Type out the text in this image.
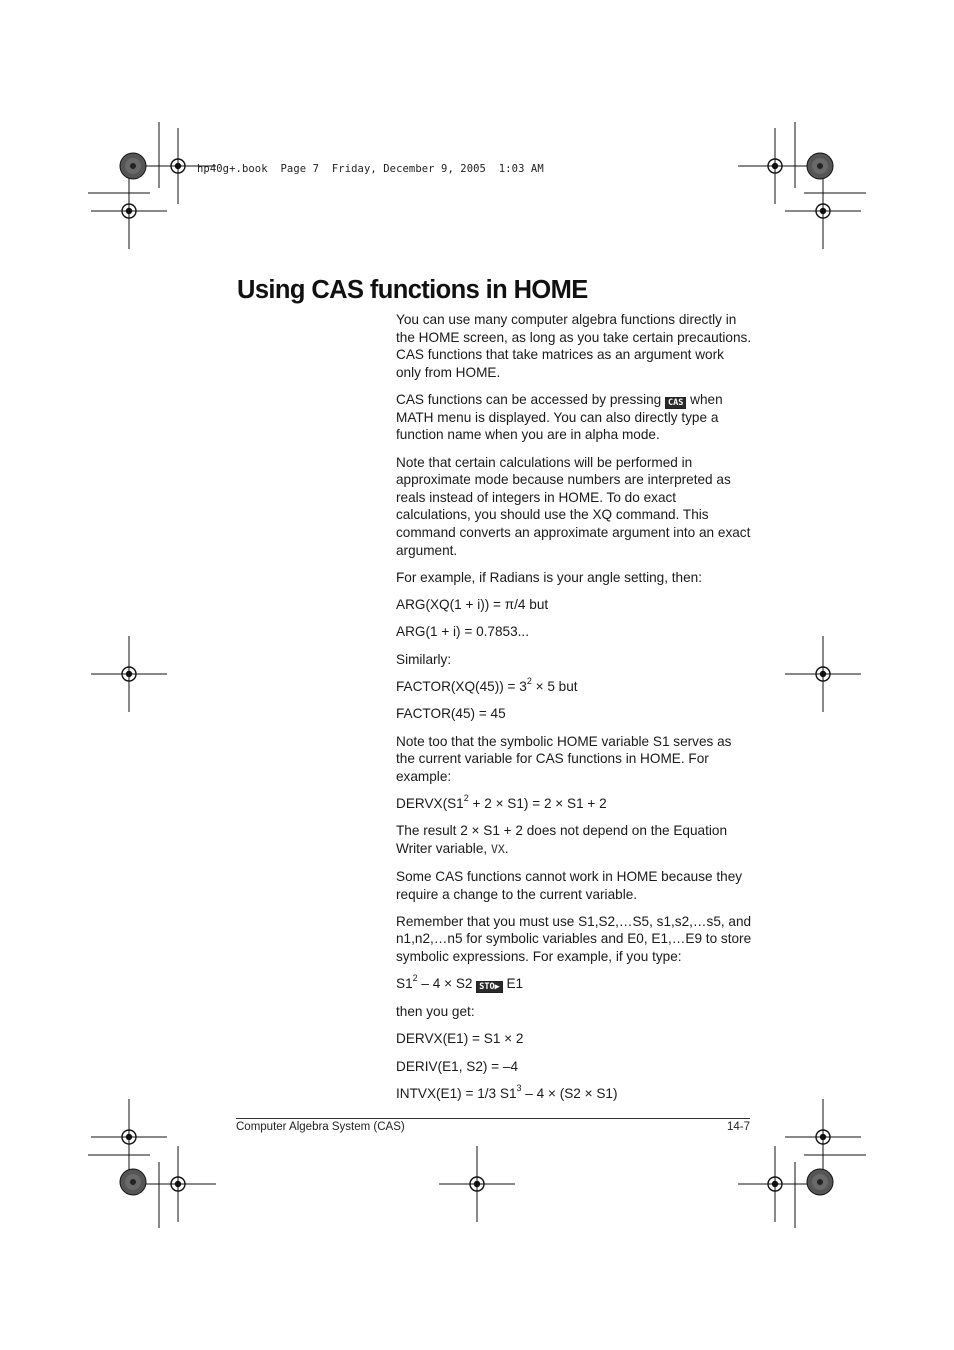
hp40g+.book  Page 7  Friday, December 9, 2005  1:03 AM
Using CAS functions in HOME

You can use many computer algebra functions directly in the HOME screen, as long as you take certain precautions. CAS functions that take matrices as an argument work only from HOME.

CAS functions can be accessed by pressing CAS when MATH menu is displayed. You can also directly type a function name when you are in alpha mode.

Note that certain calculations will be performed in approximate mode because numbers are interpreted as reals instead of integers in HOME. To do exact calculations, you should use the XQ command. This command converts an approximate argument into an exact argument.

For example, if Radians is your angle setting, then:

ARG(XQ(1 + i)) = π/4 but
ARG(1 + i) = 0.7853...
Similarly:
FACTOR(XQ(45)) = $3^2 \times 5$ but
FACTOR(45) = 45

Note too that the symbolic HOME variable S1 serves as the current variable for CAS functions in HOME. For example:

$DERVX(S1^2 + 2 \times S1) = 2 \times S1 + 2$

The result 2 × S1 + 2 does not depend on the Equation Writer variable, VX.

Some CAS functions cannot work in HOME because they require a change to the current variable.

Remember that you must use S1,S2,…S5, s1,s2,…s5, and n1,n2,…n5 for symbolic variables and E0, E1,…E9 to store symbolic expressions. For example, if you type:

$S1^2 - 4 \times S2$ STO▶ E1
then you get:
DERVX(E1) = S1 × 2
DERIV(E1, S2) = –4
INTVX(E1) = 1/3 $S1^3 - 4 \times (S2 \times S1)$
Computer Algebra System (CAS)	14-7
